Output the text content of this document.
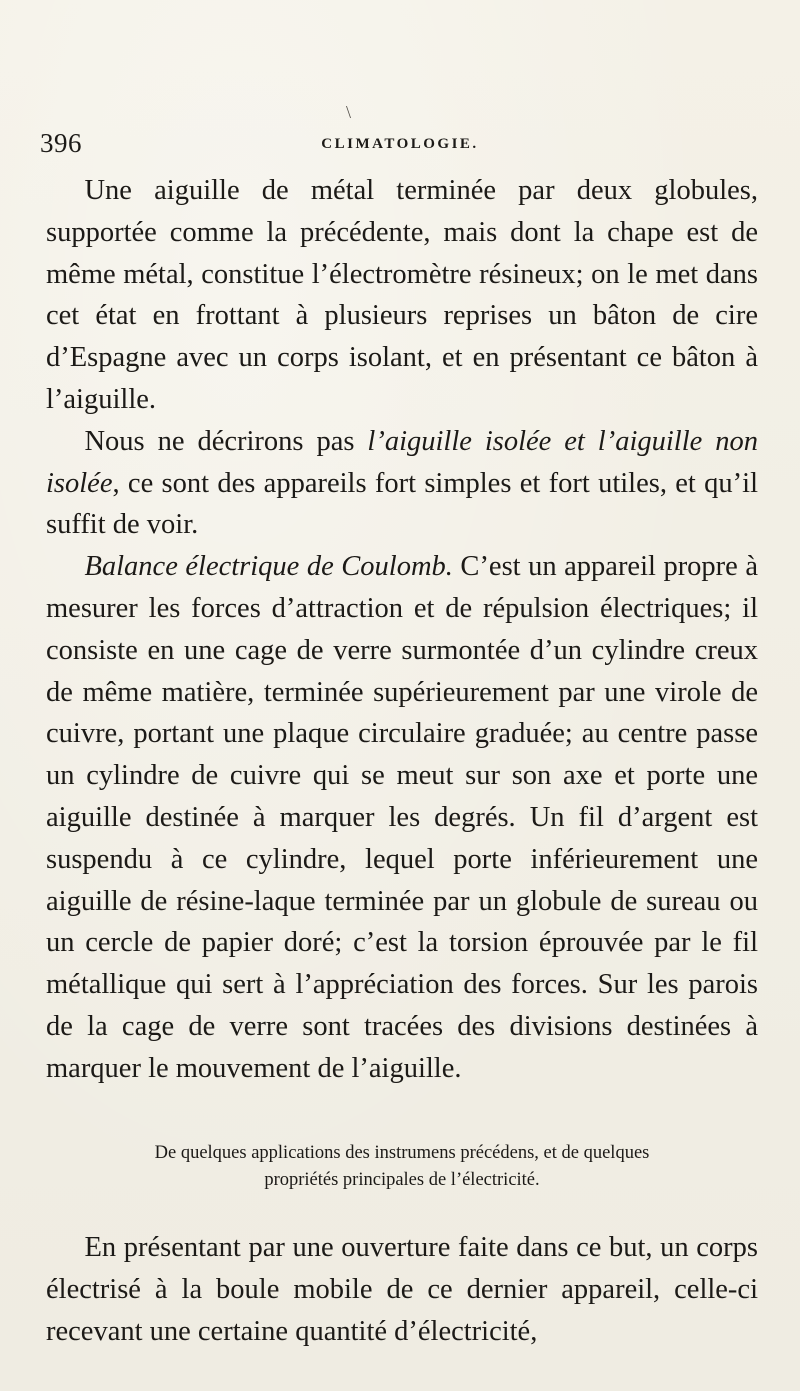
\
396	CLIMATOLOGIE.

Une aiguille de métal terminée par deux globules, supportée comme la précédente, mais dont la chape est de même métal, constitue l’électromètre résineux; on le met dans cet état en frottant à plusieurs reprises un bâton de cire d’Espagne avec un corps isolant, et en présentant ce bâton à l’aiguille.

Nous ne décrirons pas l’aiguille isolée et l’aiguille non isolée, ce sont des appareils fort simples et fort utiles, et qu’il suffit de voir.

Balance électrique de Coulomb. C’est un appareil propre à mesurer les forces d’attraction et de répulsion électriques; il consiste en une cage de verre surmontée d’un cylindre creux de même matière, terminée supérieurement par une virole de cuivre, portant une plaque circulaire graduée; au centre passe un cylindre de cuivre qui se meut sur son axe et porte une aiguille destinée à marquer les degrés. Un fil d’argent est suspendu à ce cylindre, lequel porte inférieurement une aiguille de résine-laque terminée par un globule de sureau ou un cercle de papier doré; c’est la torsion éprouvée par le fil métallique qui sert à l’appréciation des forces. Sur les parois de la cage de verre sont tracées des divisions destinées à marquer le mouvement de l’aiguille.

De quelques applications des instrumens précédens, et de quelques
propriétés principales de l’électricité.

En présentant par une ouverture faite dans ce but, un corps électrisé à la boule mobile de ce dernier appareil, celle-ci recevant une certaine quantité d’électricité,
